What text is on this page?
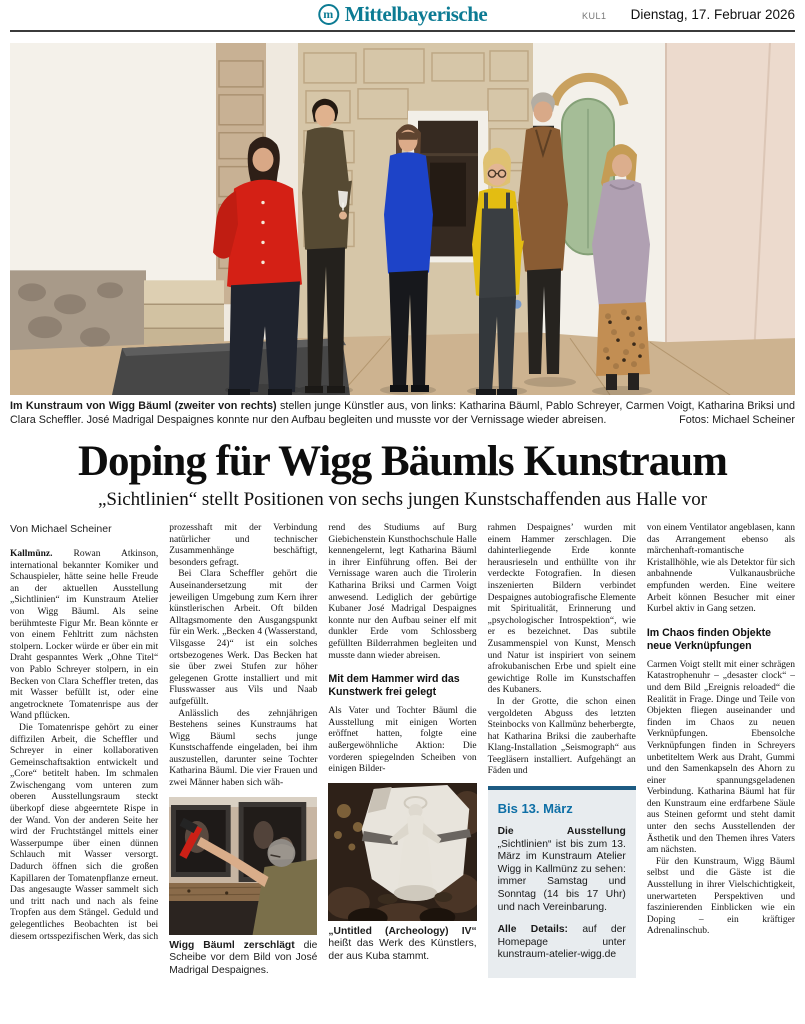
m Mittelbayerische	KUL1 Dienstag, 17. Februar 2026

Im Kunstraum von Wigg Bäuml (zweiter von rechts) stellen junge Künstler aus, von links: Katharina Bäuml, Pablo Schreyer, Carmen Voigt, Katharina Briksi und Clara Scheffler. José Madrigal Despaignes konnte nur den Aufbau begleiten und musste vor der Vernissage wieder abreisen.	Fotos: Michael Scheiner

Doping für Wigg Bäumls Kunstraum
„Sichtlinien“ stellt Positionen von sechs jungen Kunstschaffenden aus Halle vor

Von Michael Scheiner

Kallmünz. Rowan Atkinson, international bekannter Komiker und Schauspieler, hätte seine helle Freude an der aktuellen Ausstellung „Sichtlinien“ im Kunstraum Atelier von Wigg Bäuml. Als seine berühmteste Figur Mr. Bean könnte er von einem Fehltritt zum nächsten stolpern. Locker würde er über ein mit Draht gespanntes Werk „Ohne Titel“ von Pablo Schreyer stolpern, in ein Becken von Clara Scheffler treten, das mit Wasser befüllt ist, oder eine angetrocknete Tomatenrispe aus der Wand pflücken.

Die Tomatenrispe gehört zu einer diffizilen Arbeit, die Scheffler und Schreyer in einer kollaborativen Gemeinschaftsaktion entwickelt und „Core“ betitelt haben. Im schmalen Zwischengang vom unteren zum oberen Ausstellungsraum steckt überkopf diese abgeerntete Rispe in der Wand. Von der anderen Seite her wird der Fruchtstängel mittels einer Wasserpumpe über einen dünnen Schlauch mit Wasser versorgt. Dadurch öffnen sich die großen Kapillaren der Tomatenpflanze erneut. Das angesaugte Wasser sammelt sich und tritt nach und nach als feine Tropfen aus dem Stängel. Geduld und gelegentliches Beobachten ist bei diesem ortsspezifischen Werk, das sich

prozesshaft mit der Verbindung natürlicher und technischer Zusammenhänge beschäftigt, besonders gefragt.

Bei Clara Scheffler gehört die Auseinandersetzung mit der jeweiligen Umgebung zum Kern ihrer künstlerischen Arbeit. Oft bilden Alltagsmomente den Ausgangspunkt für ein Werk. „Becken 4 (Wasserstand, Vilsgasse 24)“ ist ein solches ortsbezogenes Werk. Das Becken hat sie über zwei Stufen zur höher gelegenen Grotte installiert und mit Flusswasser aus Vils und Naab aufgefüllt.

Anlässlich des zehnjährigen Bestehens seines Kunstraums hat Wigg Bäuml sechs junge Kunstschaffende eingeladen, bei ihm auszustellen, darunter seine Tochter Katharina Bäuml. Die vier Frauen und zwei Männer haben sich wäh-

Wigg Bäuml zerschlägt die Scheibe vor dem Bild von José Madrigal Despaignes.

rend des Studiums auf Burg Giebichenstein Kunsthochschule Halle kennengelernt, legt Katharina Bäuml in ihrer Einführung offen. Bei der Vernissage waren auch die Tirolerin Katharina Briksi und Carmen Voigt anwesend. Lediglich der gebürtige Kubaner José Madrigal Despaignes konnte nur den Aufbau seiner elf mit dunkler Erde vom Schlossberg gefüllten Bilderrahmen begleiten und musste dann wieder abreisen.

Mit dem Hammer wird das Kunstwerk frei gelegt

Als Vater und Tochter Bäuml die Ausstellung mit einigen Worten eröffnet hatten, folgte eine außergewöhnliche Aktion: Die vorderen spiegelnden Scheiben von einigen Bilder-

„Untitled (Archeology) IV“ heißt das Werk des Künstlers, der aus Kuba stammt.

rahmen Despaignes’ wurden mit einem Hammer zerschlagen. Die dahinterliegende Erde konnte herausrieseln und enthüllte von ihr verdeckte Fotografien. In diesen inszenierten Bildern verbindet Despaignes autobiografische Elemente mit Spiritualität, Erinnerung und „psychologischer Introspektion“, wie er es bezeichnet. Das subtile Zusammenspiel von Kunst, Mensch und Natur ist inspiriert von seinem afrokubanischen Erbe und spielt eine gewichtige Rolle im Kunstschaffen des Kubaners.

In der Grotte, die schon einen vergoldeten Abguss des letzten Steinbocks von Kallmünz beherbergte, hat Katharina Briksi die zauberhafte Klang-Installation „Seismograph“ aus Teegläsern installiert. Aufgehängt an Fäden und

Bis 13. März

Die Ausstellung „Sichtlinien“ ist bis zum 13. März im Kunstraum Atelier Wigg in Kallmünz zu sehen: immer Samstag und Sonntag (14 bis 17 Uhr) und nach Vereinbarung.

Alle Details: auf der Homepage unter kunstraum-atelier-wigg.de

von einem Ventilator angeblasen, kann das Arrangement ebenso als märchenhaft-romantische Kristallhöhle, wie als Detektor für sich anbahnende Vulkanausbrüche empfunden werden. Eine weitere Arbeit können Besucher mit einer Kurbel aktiv in Gang setzen.

Im Chaos finden Objekte neue Verknüpfungen

Carmen Voigt stellt mit einer schrägen Katastrophenuhr – „desaster clock“ – und dem Bild „Ereignis reloaded“ die Realität in Frage. Dinge und Teile von Objekten fliegen auseinander und finden im Chaos zu neuen Verknüpfungen. Ebensolche Verknüpfungen finden in Schreyers unbetiteltem Werk aus Draht, Gummi und den Samenkapseln des Ahorn zu einer spannungsgeladenen Verbindung. Katharina Bäuml hat für den Kunstraum eine erdfarbene Säule aus Steinen geformt und steht damit unter den sechs Ausstellenden der Ästhetik und den Themen ihres Vaters am nächsten.

Für den Kunstraum, Wigg Bäuml selbst und die Gäste ist die Ausstellung in ihrer Vielschichtigkeit, unerwarteten Perspektiven und faszinierenden Einblicken wie ein Doping – ein kräftiger Adrenalinschub.
